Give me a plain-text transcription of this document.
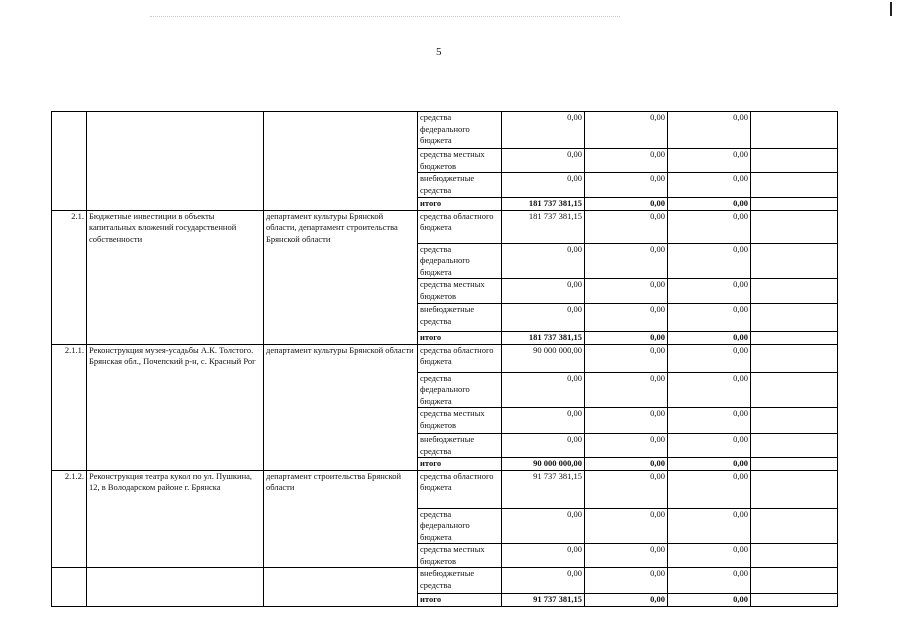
5
			средства федерального бюджета	0,00	0,00	0,00	
			средства местных бюджетов	0,00	0,00	0,00	
			внебюджетные средства	0,00	0,00	0,00	
			итого	181 737 381,15	0,00	0,00	
2.1.	Бюджетные инвестиции в объекты капитальных вложений государственной собственности	департамент культуры Брянской области, департамент строительства Брянской области	средства областного бюджета	181 737 381,15	0,00	0,00	
			средства федерального бюджета	0,00	0,00	0,00	
			средства местных бюджетов	0,00	0,00	0,00	
			внебюджетные средства	0,00	0,00	0,00	
			итого	181 737 381,15	0,00	0,00	
2.1.1.	Реконструкция музея-усадьбы А.К. Толстого. Брянская обл., Почепский р-н, с. Красный Рог	департамент культуры Брянской области	средства областного бюджета	90 000 000,00	0,00	0,00	
			средства федерального бюджета	0,00	0,00	0,00	
			средства местных бюджетов	0,00	0,00	0,00	
			внебюджетные средства	0,00	0,00	0,00	
			итого	90 000 000,00	0,00	0,00	
2.1.2.	Реконструкция театра кукол по ул. Пушкина, 12, в Володарском районе г. Брянска	департамент строительства Брянской области	средства областного бюджета	91 737 381,15	0,00	0,00	
			средства федерального бюджета	0,00	0,00	0,00	
			средства местных бюджетов	0,00	0,00	0,00	
			внебюджетные средства	0,00	0,00	0,00	
			итого	91 737 381,15	0,00	0,00	
